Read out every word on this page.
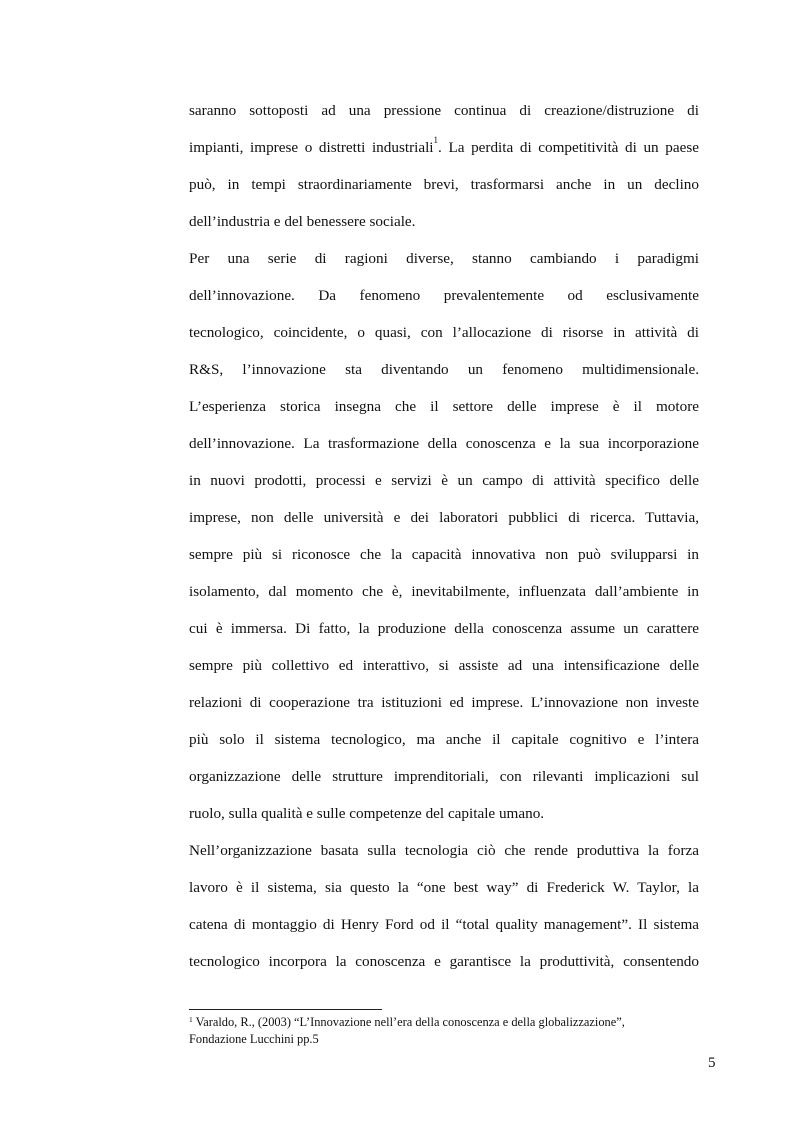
saranno sottoposti ad una pressione continua di creazione/distruzione di
impianti, imprese o distretti industriali$^1$. La perdita di competitività di un paese
può, in tempi straordinariamente brevi, trasformarsi anche in un declino
dell’industria e del benessere sociale.
Per una serie di ragioni diverse, stanno cambiando i paradigmi
dell’innovazione. Da fenomeno prevalentemente od esclusivamente
tecnologico, coincidente, o quasi, con l’allocazione di risorse in attività di
R&S, l’innovazione sta diventando un fenomeno multidimensionale.
L’esperienza storica insegna che il settore delle imprese è il motore
dell’innovazione. La trasformazione della conoscenza e la sua incorporazione
in nuovi prodotti, processi e servizi è un campo di attività specifico delle
imprese, non delle università e dei laboratori pubblici di ricerca. Tuttavia,
sempre più si riconosce che la capacità innovativa non può svilupparsi in
isolamento, dal momento che è, inevitabilmente, influenzata dall’ambiente in
cui è immersa. Di fatto, la produzione della conoscenza assume un carattere
sempre più collettivo ed interattivo, si assiste ad una intensificazione delle
relazioni di cooperazione tra istituzioni ed imprese. L’innovazione non investe
più solo il sistema tecnologico, ma anche il capitale cognitivo e l’intera
organizzazione delle strutture imprenditoriali, con rilevanti implicazioni sul
ruolo, sulla qualità e sulle competenze del capitale umano.
Nell’organizzazione basata sulla tecnologia ciò che rende produttiva la forza
lavoro è il sistema, sia questo la “one best way” di Frederick W. Taylor, la
catena di montaggio di Henry Ford od il “total quality management”. Il sistema
tecnologico incorpora la conoscenza e garantisce la produttività, consentendo
$^1$ Varaldo, R., (2003) “L’Innovazione nell’era della conoscenza e della globalizzazione”,
Fondazione Lucchini pp.5
5
